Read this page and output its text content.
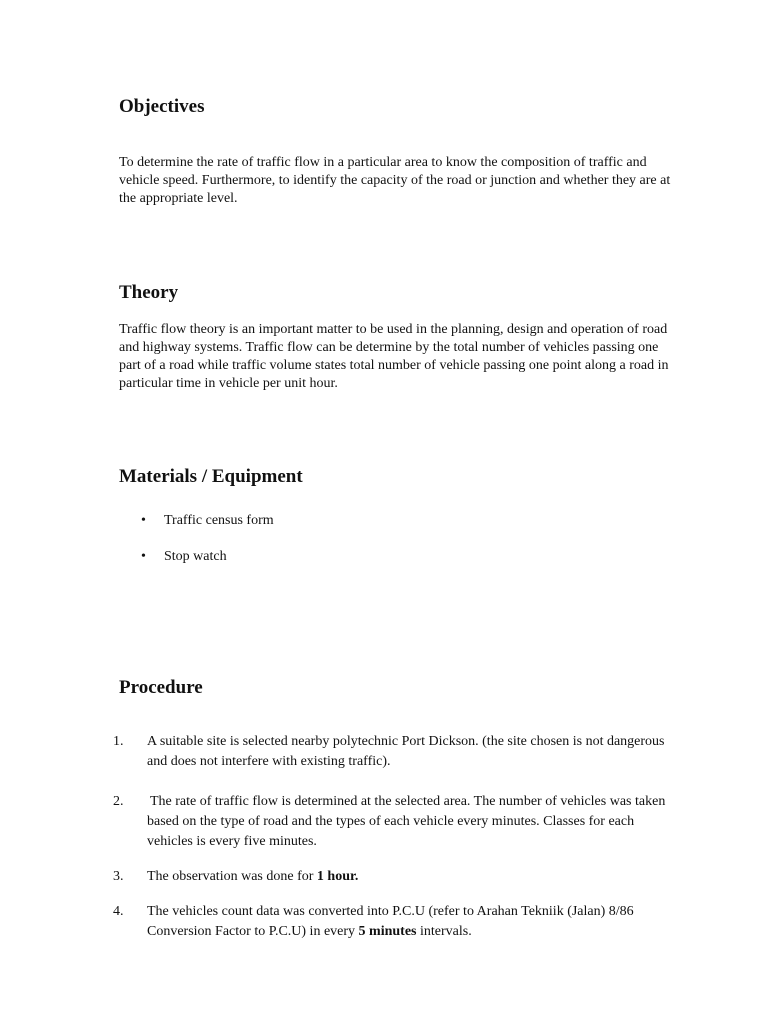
Objectives

To determine the rate of traffic flow in a particular area to know the composition of traffic and vehicle speed. Furthermore, to identify the capacity of the road or junction and whether they are at the appropriate level.

Theory

Traffic flow theory is an important matter to be used in the planning, design and operation of road and highway systems. Traffic flow can be determine by the total number of vehicles passing one part of a road while traffic volume states total number of vehicle passing one point along a road in particular time in vehicle per unit hour.

Materials / Equipment
• Traffic census form
• Stop watch
Procedure
1. A suitable site is selected nearby polytechnic Port Dickson. (the site chosen is not dangerous and does not interfere with existing traffic).
2. The rate of traffic flow is determined at the selected area. The number of vehicles was taken based on the type of road and the types of each vehicle every minutes. Classes for each vehicles is every five minutes.
3. The observation was done for 1 hour.
4. The vehicles count data was converted into P.C.U (refer to Arahan Tekniik (Jalan) 8/86 Conversion Factor to P.C.U) in every 5 minutes intervals.
